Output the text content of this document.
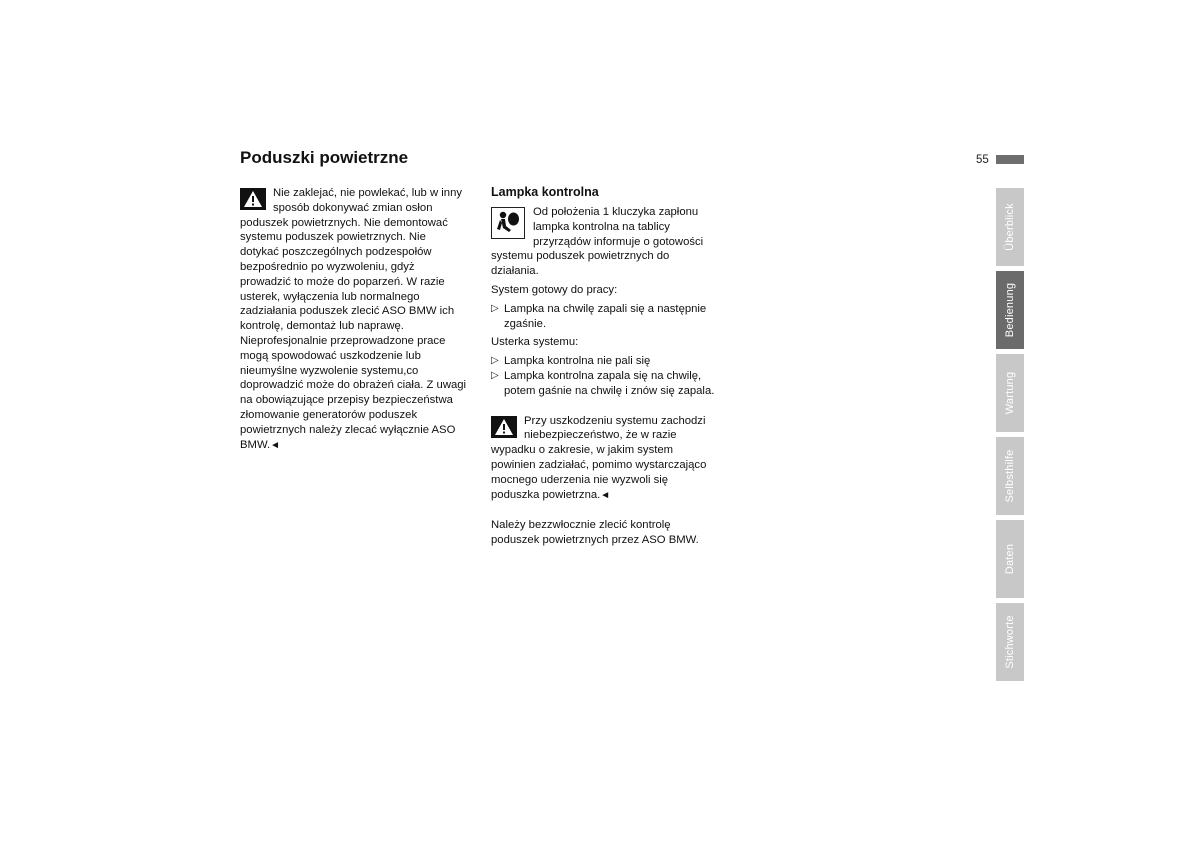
Poduszki powietrzne	55

Nie zaklejać, nie powlekać, lub w inny
sposób dokonywać zmian osłon
poduszek powietrznych. Nie demontować
systemu poduszek powietrznych. Nie
dotykać poszczególnych podzespołów
bezpośrednio po wyzwoleniu, gdyż
prowadzić to może do poparzeń. W razie
usterek, wyłączenia lub normalnego
zadziałania poduszek zlecić ASO BMW ich
kontrolę, demontaż lub naprawę.
Nieprofesjonalnie przeprowadzone prace
mogą spowodować uszkodzenie lub
nieumyślne wyzwolenie systemu,co
doprowadzić może do obrażeń ciała. Z uwagi
na obowiązujące przepisy bezpieczeństwa
złomowanie generatorów poduszek
powietrznych należy zlecać wyłącznie ASO
BMW.◄

Lampka kontrolna

Od położenia 1 kluczyka zapłonu
lampka kontrolna na tablicy
przyrządów informuje o gotowości
systemu poduszek powietrznych do
działania.

System gotowy do pracy:

▷ Lampka na chwilę zapali się a następnie
zgaśnie.

Usterka systemu:

▷ Lampka kontrolna nie pali się
▷ Lampka kontrolna zapala się na chwilę,
potem gaśnie na chwilę i znów się zapala.

Przy uszkodzeniu systemu zachodzi
niebezpieczeństwo, że w razie
wypadku o zakresie, w jakim system
powinien zadziałać, pomimo wystarczająco
mocnego uderzenia nie wyzwoli się
poduszka powietrzna.◄

Należy bezzwłocznie zlecić kontrolę
poduszek powietrznych przez ASO BMW.

Überblick
Bedienung
Wartung
Selbsthilfe
Daten
Stichworte
